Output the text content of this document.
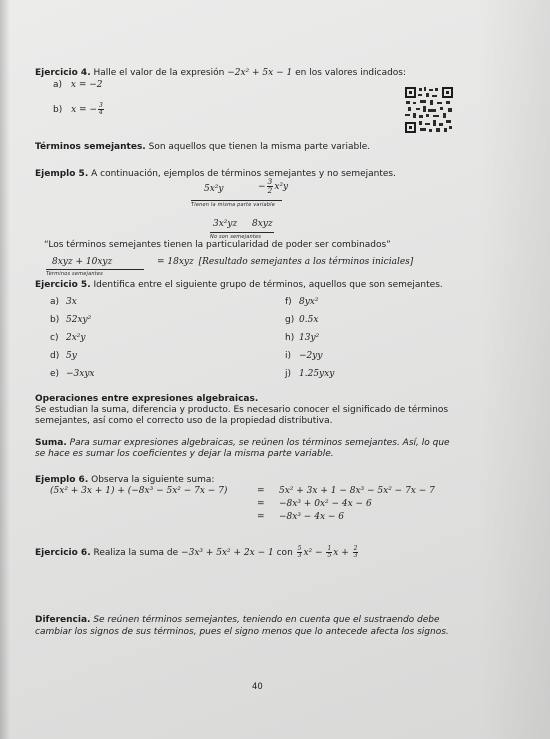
Ejercicio 4. Halle el valor de la expresión −2x² + 5x − 1 en los valores indicados:
a) x = −2
b) x = − $\frac{3}{4}$
Términos semejantes. Son aquellos que tienen la misma parte variable.
Ejemplo 5. A continuación, ejemplos de términos semejantes y no semejantes.
5x²y	− $\frac{3}{2} x^2y$
Tienen la misma parte variable
3x²yz 8xyz
No son semejantes
“Los términos semejantes tienen la particularidad de poder ser combinados”
8xyz + 10xyz
Términos semejantes
= 18xyz [Resultado semejantes a los términos iniciales]
Ejercicio 5. Identifica entre el siguiente grupo de términos, aquellos que son semejantes.
a) 3x
b) 52xy²
c) 2x²y
d) 5y
e) −3xyx
f) 8yx²
g) 0.5x
h) 13y²
i) −2yy
j) 1.25yxy
Operaciones entre expresiones algebraicas.
Se estudian la suma, diferencia y producto. Es necesario conocer el significado de términos
semejantes, así como el correcto uso de la propiedad distributiva.
Suma. Para sumar expresiones algebraicas, se reúnen los términos semejantes. Así, lo que
se hace es sumar los coeficientes y dejar la misma parte variable.
Ejemplo 6. Observa la siguiente suma:
(5x² + 3x + 1) + (−8x³ − 5x² − 7x − 7)	= 5x² + 3x + 1 − 8x³ − 5x² − 7x − 7
= −8x³ + 0x² − 4x − 6
= −8x³ − 4x − 6
Ejercicio 6. Realiza la suma de −3x³ + 5x² + 2x − 1 con $\frac{5}{3} x^2 - \frac{1}{5}$ $x + \frac{2}{3}$
Diferencia. Se reúnen términos semejantes, teniendo en cuenta que el sustraendo debe
cambiar los signos de sus términos, pues el signo menos que lo antecede afecta los signos.
40
